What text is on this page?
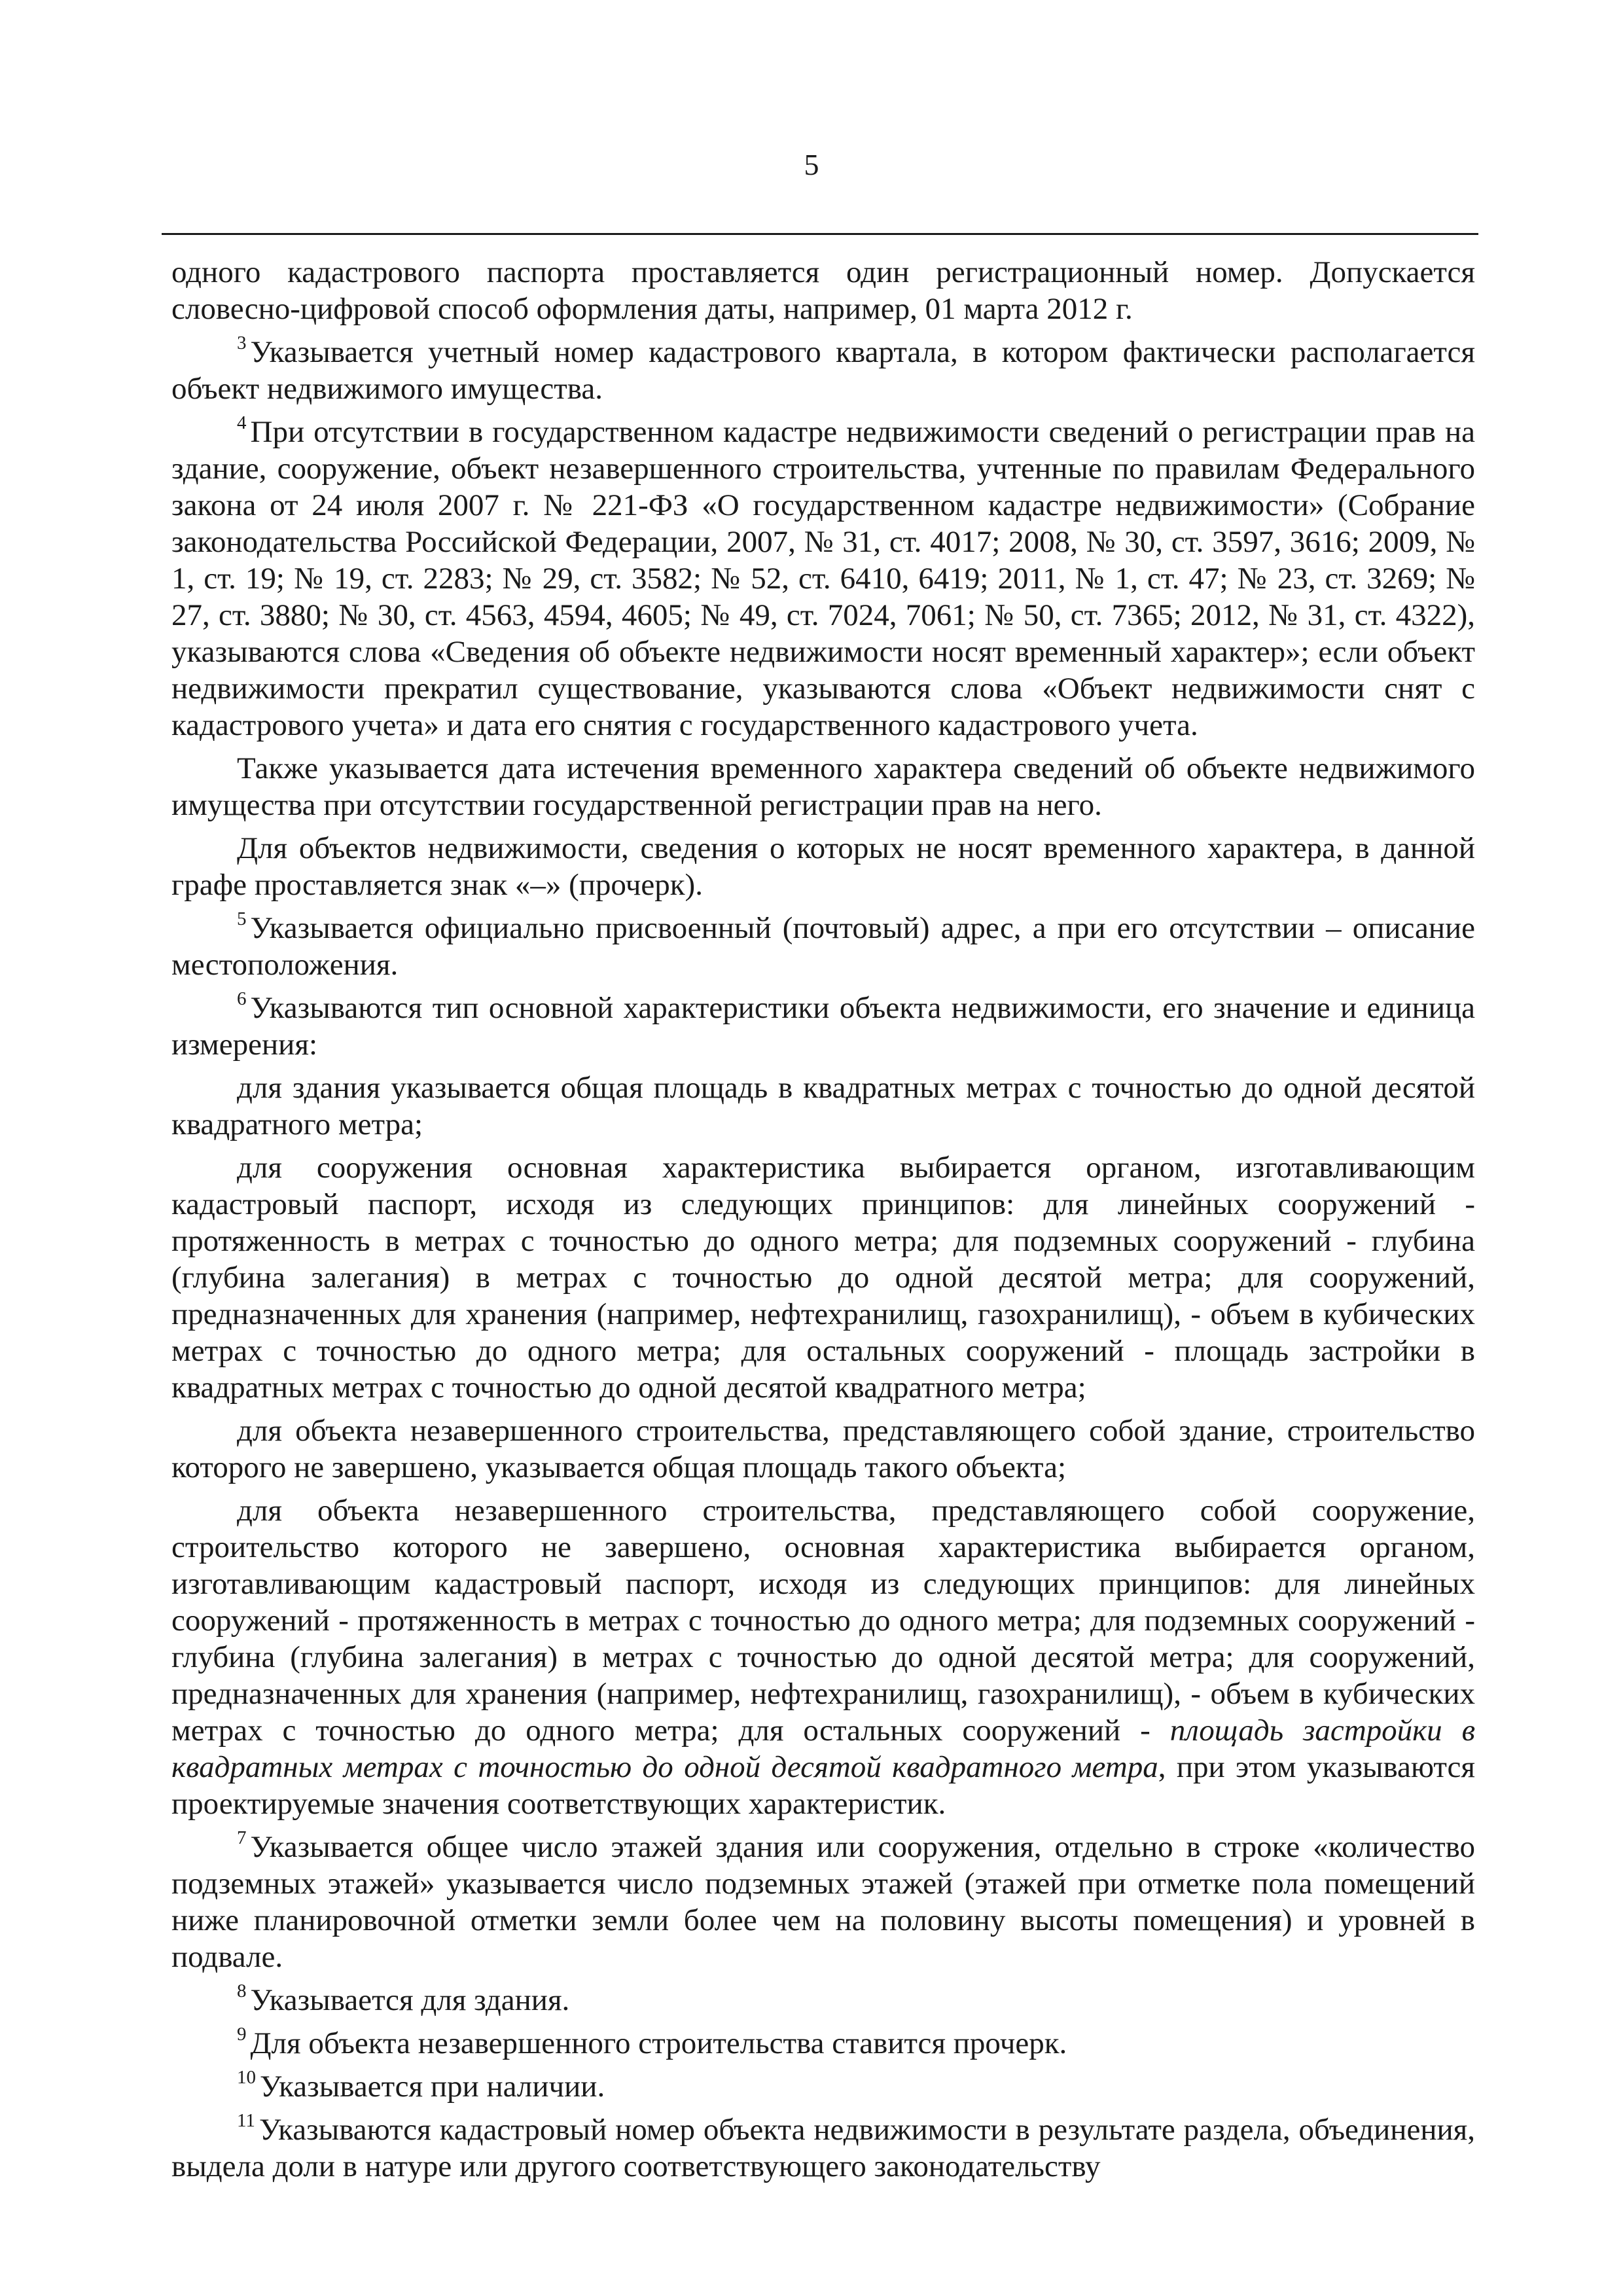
5

одного кадастрового паспорта проставляется один регистрационный номер. Допускается словесно-цифровой способ оформления даты, например, 01 марта 2012 г.

$^3$ Указывается учетный номер кадастрового квартала, в котором фактически располагается объект недвижимого имущества.

$^4$ При отсутствии в государственном кадастре недвижимости сведений о регистрации прав на здание, сооружение, объект незавершенного строительства, учтенные по правилам Федерального закона от 24 июля 2007 г. № 221-ФЗ «О государственном кадастре недвижимости» (Собрание законодательства Российской Федерации, 2007, № 31, ст. 4017; 2008, № 30, ст. 3597, 3616; 2009, № 1, ст. 19; № 19, ст. 2283; № 29, ст. 3582; № 52, ст. 6410, 6419; 2011, № 1, ст. 47; № 23, ст. 3269; № 27, ст. 3880; № 30, ст. 4563, 4594, 4605; № 49, ст. 7024, 7061; № 50, ст. 7365; 2012, № 31, ст. 4322), указываются слова «Сведения об объекте недвижимости носят временный характер»; если объект недвижимости прекратил существование, указываются слова «Объект недвижимости снят с кадастрового учета» и дата его снятия с государственного кадастрового учета.

Также указывается дата истечения временного характера сведений об объекте недвижимого имущества при отсутствии государственной регистрации прав на него.

Для объектов недвижимости, сведения о которых не носят временного характера, в данной графе проставляется знак «–» (прочерк).

$^5$ Указывается официально присвоенный (почтовый) адрес, а при его отсутствии – описание местоположения.

$^6$ Указываются тип основной характеристики объекта недвижимости, его значение и единица измерения:

для здания указывается общая площадь в квадратных метрах с точностью до одной десятой квадратного метра;

для сооружения основная характеристика выбирается органом, изготавливающим кадастровый паспорт, исходя из следующих принципов: для линейных сооружений - протяженность в метрах с точностью до одного метра; для подземных сооружений - глубина (глубина залегания) в метрах с точностью до одной десятой метра; для сооружений, предназначенных для хранения (например, нефтехранилищ, газохранилищ), - объем в кубических метрах с точностью до одного метра; для остальных сооружений - площадь застройки в квадратных метрах с точностью до одной десятой квадратного метра;

для объекта незавершенного строительства, представляющего собой здание, строительство которого не завершено, указывается общая площадь такого объекта;

для объекта незавершенного строительства, представляющего собой сооружение, строительство которого не завершено, основная характеристика выбирается органом, изготавливающим кадастровый паспорт, исходя из следующих принципов: для линейных сооружений - протяженность в метрах с точностью до одного метра; для подземных сооружений - глубина (глубина залегания) в метрах с точностью до одной десятой метра; для сооружений, предназначенных для хранения (например, нефтехранилищ, газохранилищ), - объем в кубических метрах с точностью до одного метра; для остальных сооружений - площадь застройки в квадратных метрах с точностью до одной десятой квадратного метра, при этом указываются проектируемые значения соответствующих характеристик.

$^7$ Указывается общее число этажей здания или сооружения, отдельно в строке «количество подземных этажей» указывается число подземных этажей (этажей при отметке пола помещений ниже планировочной отметки земли более чем на половину высоты помещения) и уровней в подвале.

$^8$ Указывается для здания.

$^9$ Для объекта незавершенного строительства ставится прочерк.

$^{10}$ Указывается при наличии.

$^{11}$ Указываются кадастровый номер объекта недвижимости в результате раздела, объединения, выдела доли в натуре или другого соответствующего законодательству
